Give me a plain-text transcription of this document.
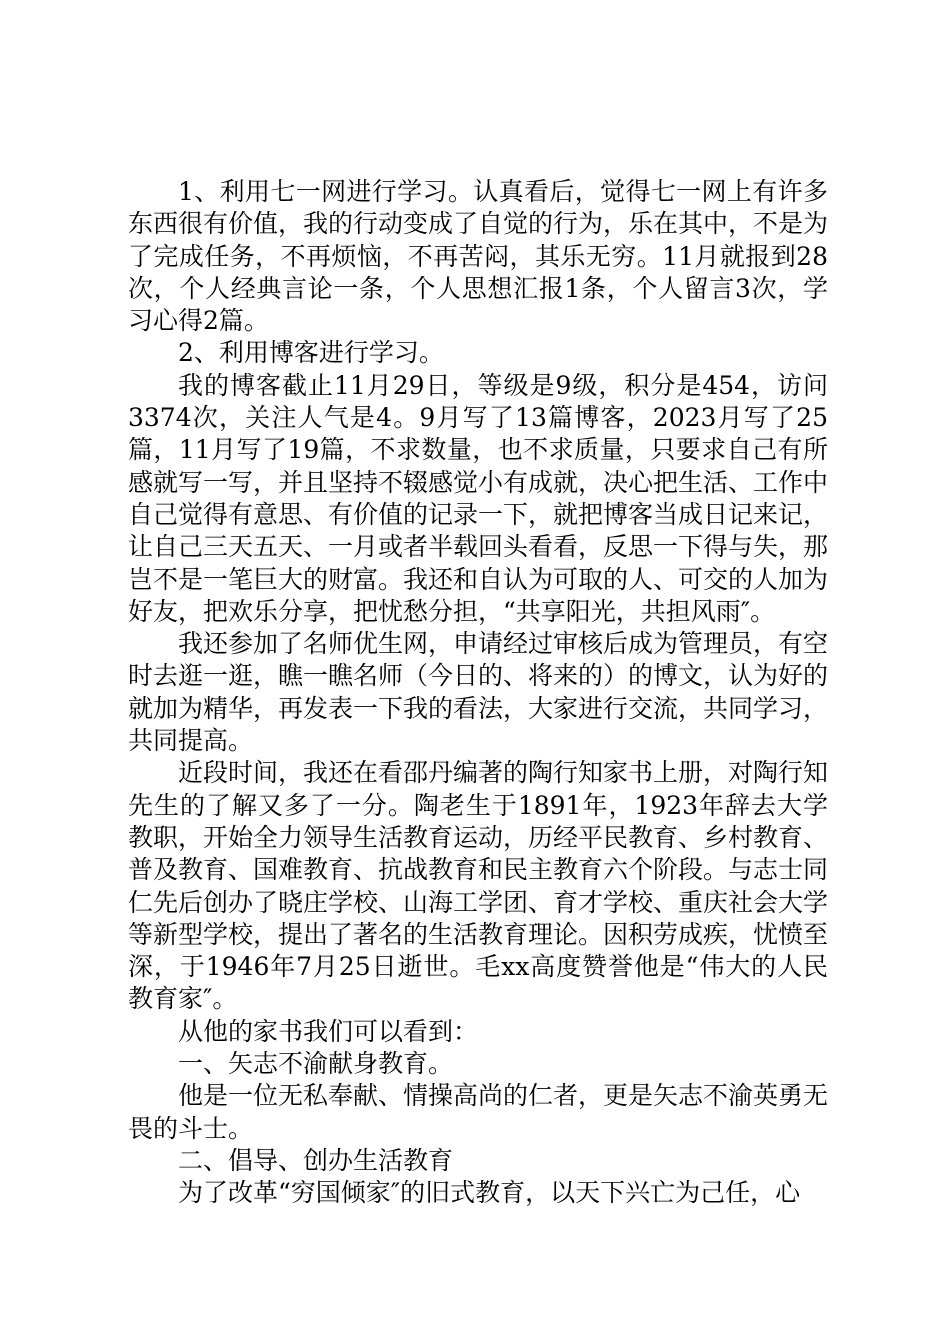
1、利用七一网进行学习。认真看后，觉得七一网上有许多东西很有价值，我的行动变成了自觉的行为，乐在其中，不是为了完成任务，不再烦恼，不再苦闷，其乐无穷。11月就报到28次，个人经典言论一条，个人思想汇报1条，个人留言3次，学习心得2篇。

2、利用博客进行学习。

我的博客截止11月29日，等级是9级，积分是454，访问3374次，关注人气是4。9月写了13篇博客，2023月写了25篇，11月写了19篇，不求数量，也不求质量，只要求自己有所感就写一写，并且坚持不辍感觉小有成就，决心把生活、工作中自己觉得有意思、有价值的记录一下，就把博客当成日记来记，让自己三天五天、一月或者半载回头看看，反思一下得与失，那岂不是一笔巨大的财富。我还和自认为可取的人、可交的人加为好友，把欢乐分享，把忧愁分担，“共享阳光，共担风雨″。

我还参加了名师优生网，申请经过审核后成为管理员，有空时去逛一逛，瞧一瞧名师（今日的、将来的）的博文，认为好的就加为精华，再发表一下我的看法，大家进行交流，共同学习，共同提高。

近段时间，我还在看邵丹编著的陶行知家书上册，对陶行知先生的了解又多了一分。陶老生于1891年，1923年辞去大学教职，开始全力领导生活教育运动，历经平民教育、乡村教育、普及教育、国难教育、抗战教育和民主教育六个阶段。与志士同仁先后创办了晓庄学校、山海工学团、育才学校、重庆社会大学等新型学校，提出了著名的生活教育理论。因积劳成疾，忧愤至深，于1946年7月25日逝世。毛xx高度赞誉他是“伟大的人民教育家″。

从他的家书我们可以看到：

一、矢志不渝献身教育。

他是一位无私奉献、情操高尚的仁者，更是矢志不渝英勇无畏的斗士。

二、倡导、创办生活教育

为了改革“穷国倾家″的旧式教育，以天下兴亡为己任，心
